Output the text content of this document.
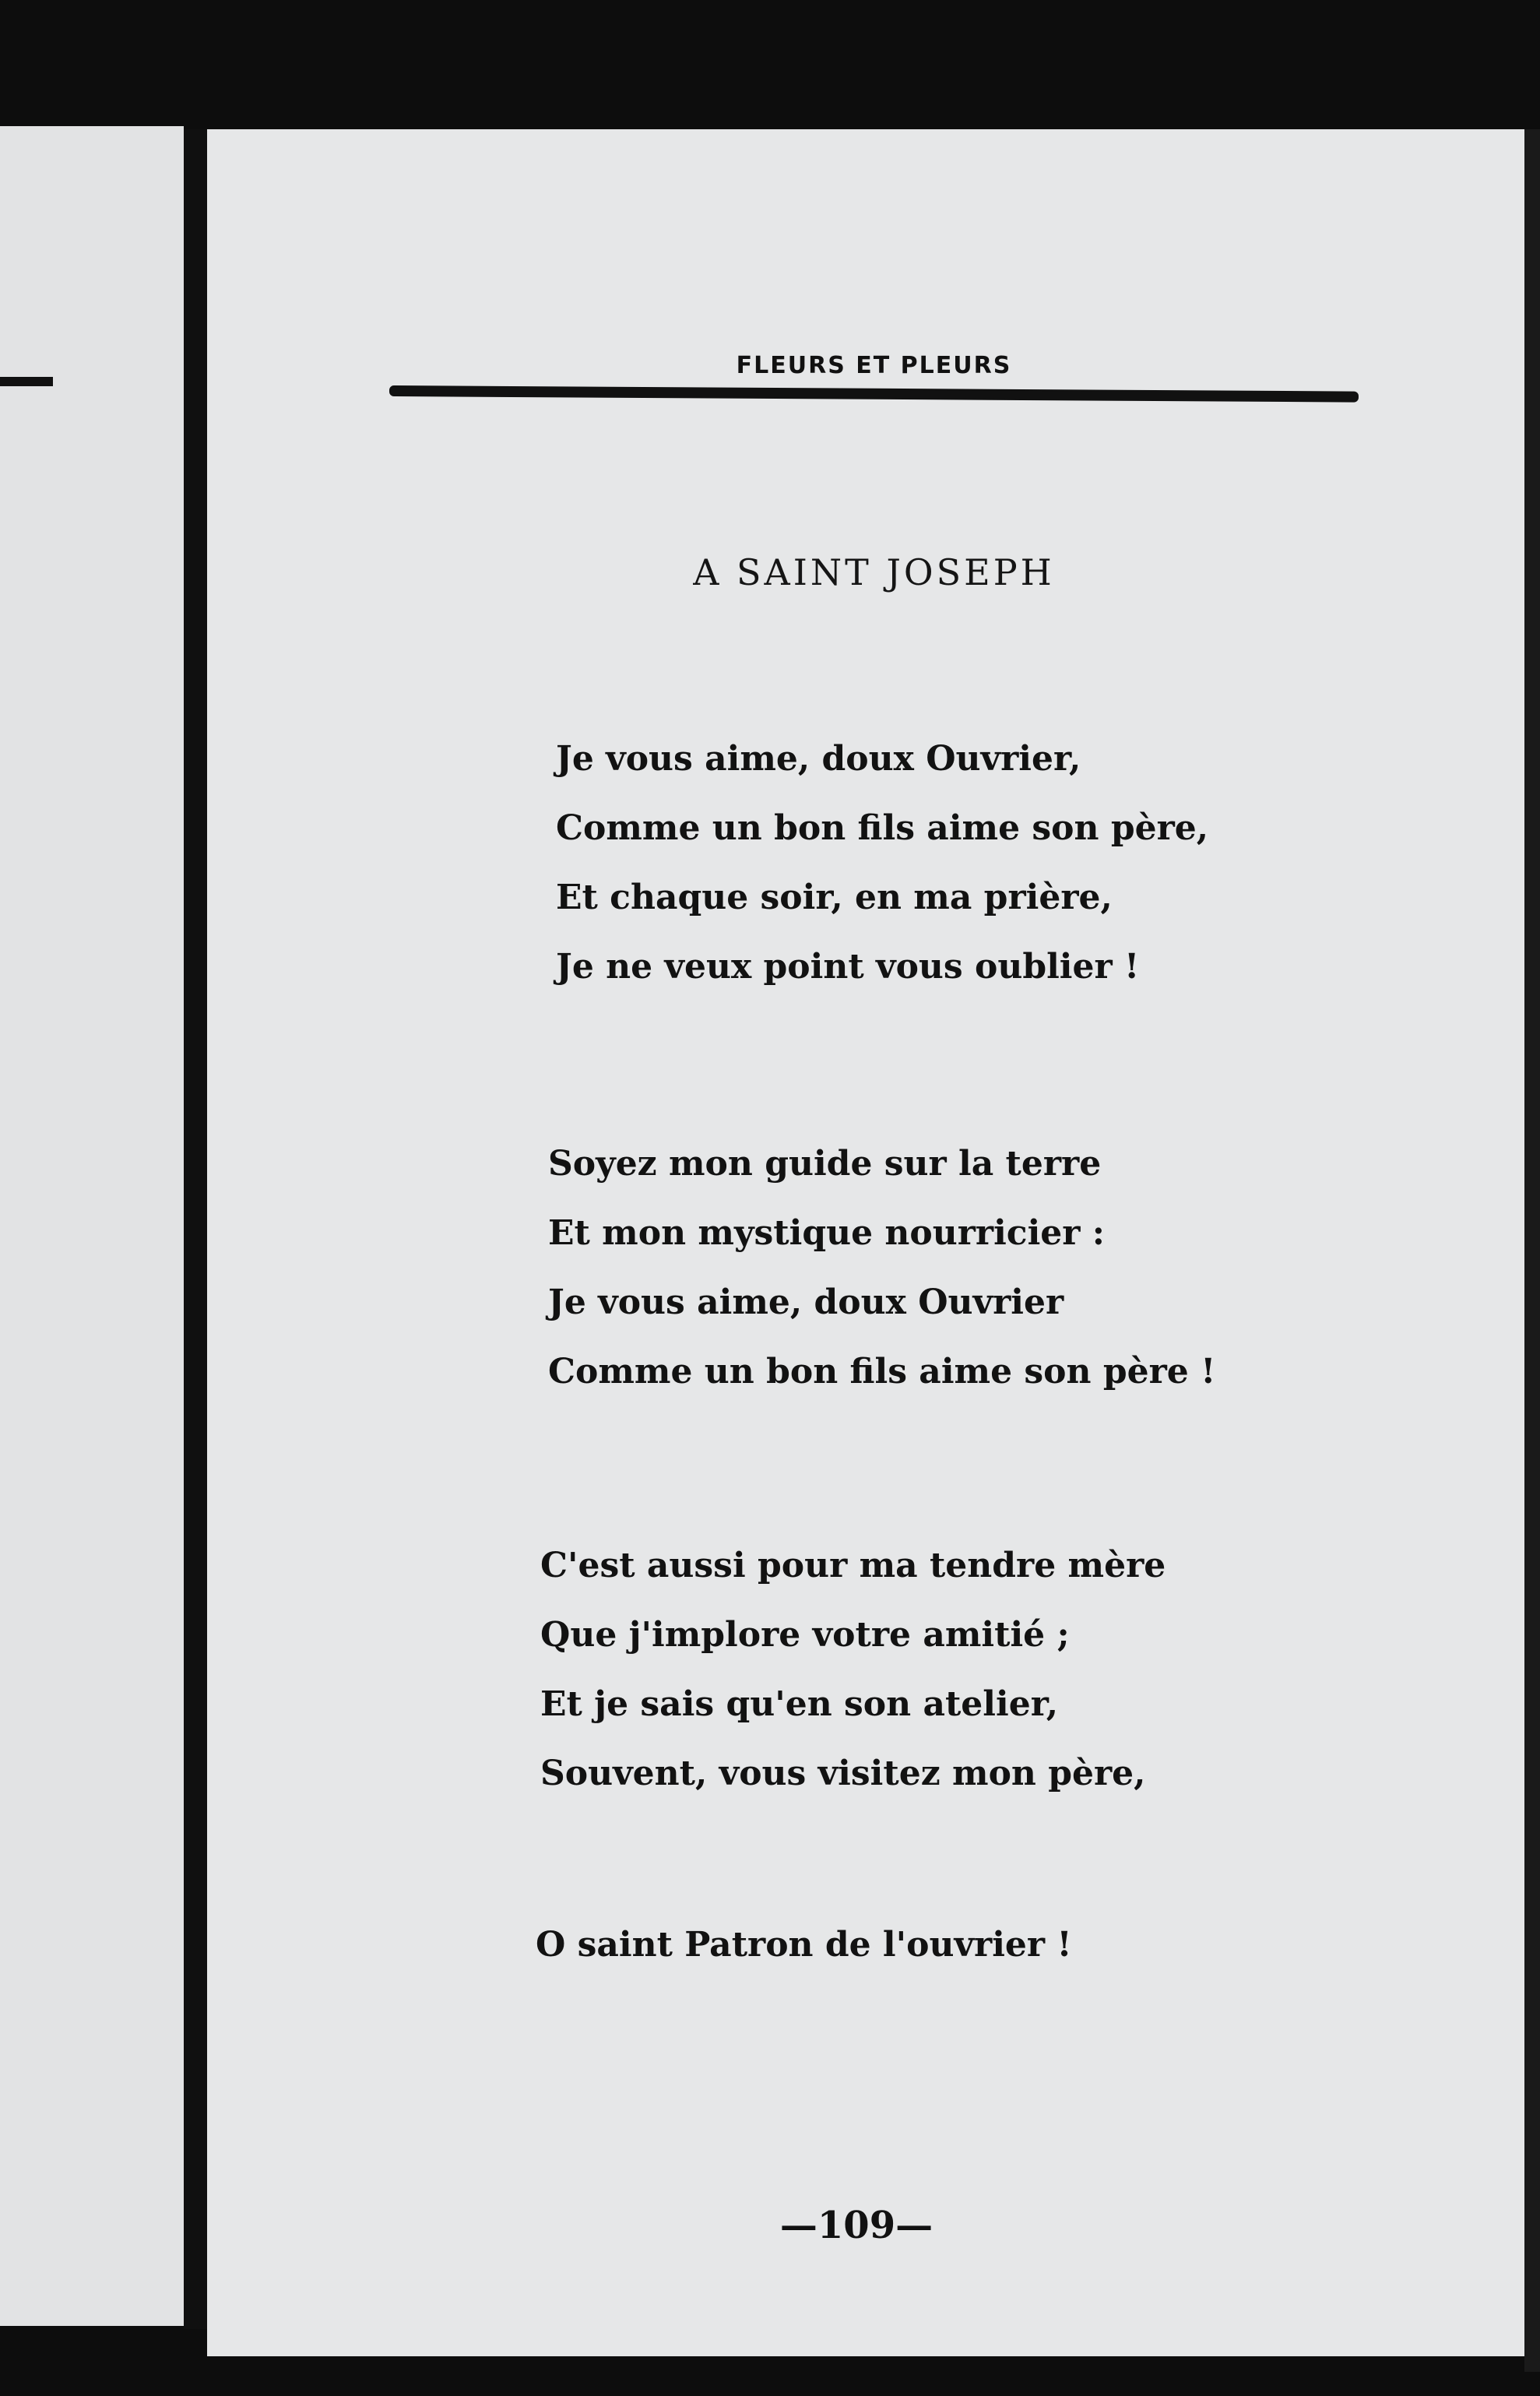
FLEURS ET PLEURS
A SAINT JOSEPH
Je vous aime, doux Ouvrier,
Comme un bon fils aime son père,
Et chaque soir, en ma prière,
Je ne veux point vous oublier !
Soyez mon guide sur la terre
Et mon mystique nourricier :
Je vous aime, doux Ouvrier
Comme un bon fils aime son père !
C'est aussi pour ma tendre mère
Que j'implore votre amitié ;
Et je sais qu'en son atelier,
Souvent, vous visitez mon père,
O saint Patron de l'ouvrier !
—109—
